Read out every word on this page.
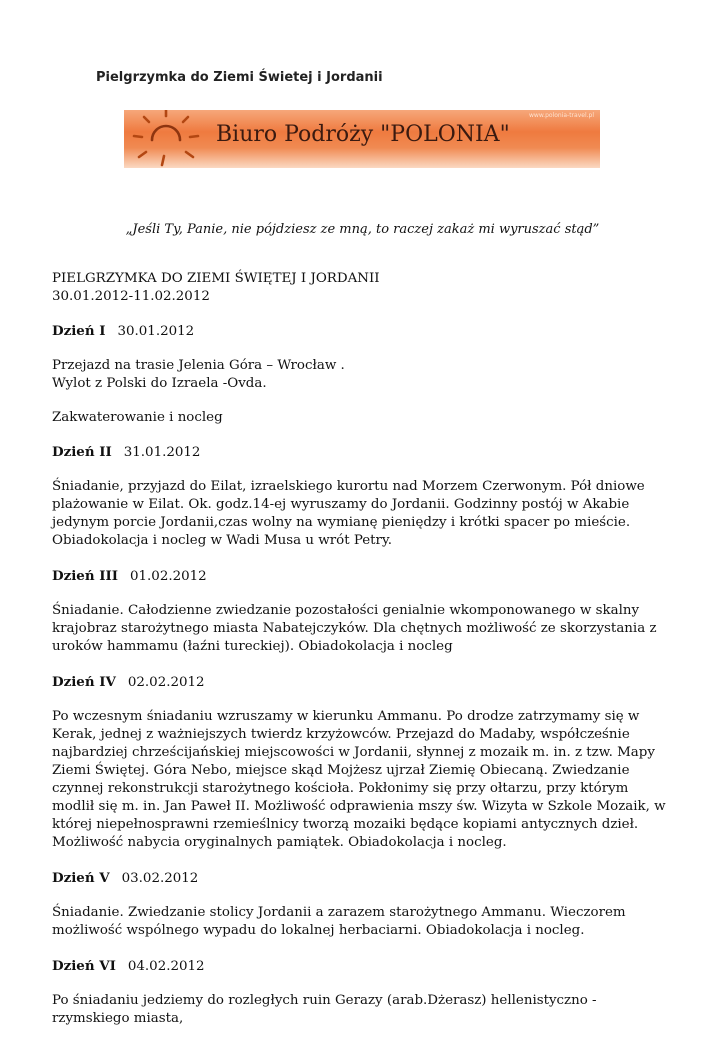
Pielgrzymka do Ziemi Świetej i Jordanii
www.polonia-travel.pl
Biuro Podróży "POLONIA"
„Jeśli Ty, Panie, nie pójdziesz ze mną, to raczej zakaż mi wyruszać stąd”

PIELGRZYMKA DO ZIEMI ŚWIĘTEJ I JORDANII
30.01.2012-11.02.2012

Dzień I 30.01.2012

Przejazd na trasie Jelenia Góra – Wrocław .
Wylot z Polski do Izraela -Ovda.

Zakwaterowanie i nocleg

Dzień II 31.01.2012

Śniadanie, przyjazd do Eilat, izraelskiego kurortu nad Morzem Czerwonym. Pół dniowe plażowanie w Eilat. Ok. godz.14-ej wyruszamy do Jordanii. Godzinny postój w Akabie jedynym porcie Jordanii,czas wolny na wymianę pieniędzy i krótki spacer po mieście. Obiadokolacja i nocleg w Wadi Musa u wrót Petry.

Dzień III 01.02.2012

Śniadanie. Całodzienne zwiedzanie pozostałości genialnie wkomponowanego w skalny krajobraz starożytnego miasta Nabatejczyków. Dla chętnych możliwość ze skorzystania z uroków hammamu (łaźni tureckiej). Obiadokolacja i nocleg

Dzień IV 02.02.2012

Po wczesnym śniadaniu wzruszamy w kierunku Ammanu. Po drodze zatrzymamy się w Kerak, jednej z ważniejszych twierdz krzyżowców. Przejazd do Madaby, współcześnie najbardziej chrześcijańskiej miejscowości w Jordanii, słynnej z mozaik m. in. z tzw. Mapy Ziemi Świętej. Góra Nebo, miejsce skąd Mojżesz ujrzał Ziemię Obiecaną. Zwiedzanie czynnej rekonstrukcji starożytnego kościoła. Pokłonimy się przy ołtarzu, przy którym modlił się m. in. Jan Paweł II. Możliwość odprawienia mszy św. Wizyta w Szkole Mozaik, w której niepełnosprawni rzemieślnicy tworzą mozaiki będące kopiami antycznych dzieł. Możliwość nabycia oryginalnych pamiątek. Obiadokolacja i nocleg.

Dzień V 03.02.2012

Śniadanie. Zwiedzanie stolicy Jordanii a zarazem starożytnego Ammanu. Wieczorem możliwość wspólnego wypadu do lokalnej herbaciarni. Obiadokolacja i nocleg.

Dzień VI 04.02.2012

Po śniadaniu jedziemy do rozległych ruin Gerazy (arab.Dżerasz) hellenistyczno - rzymskiego miasta,
